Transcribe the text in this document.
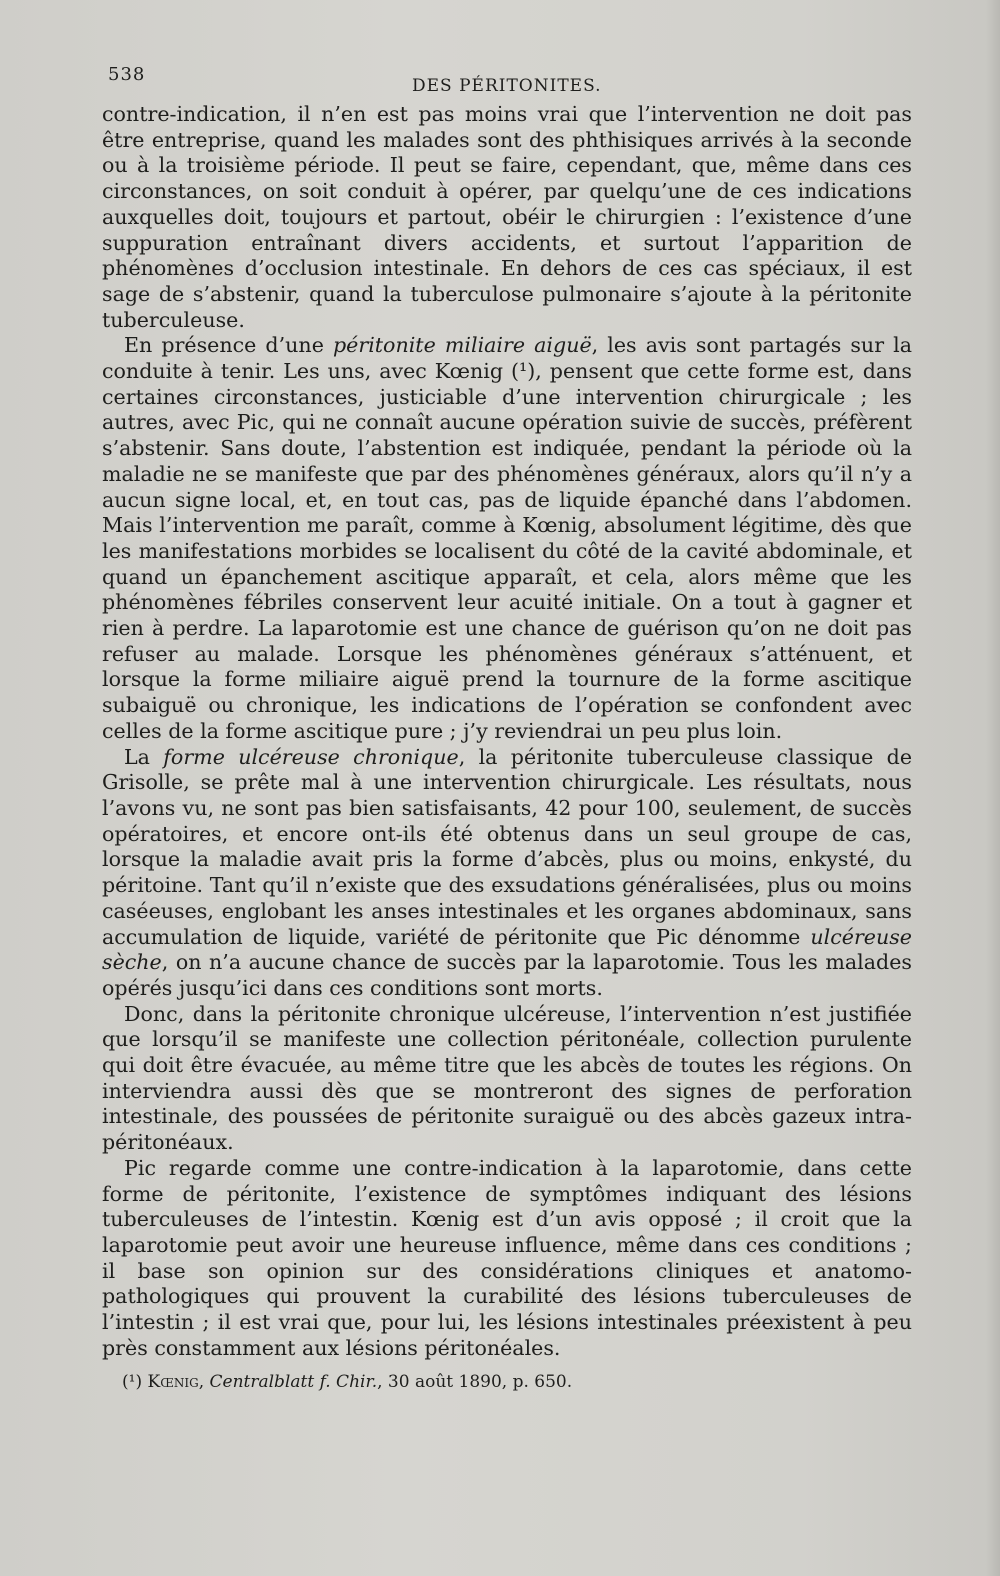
538
DES PÉRITONITES.

contre-indication, il n’en est pas moins vrai que l’intervention ne doit pas être entreprise, quand les malades sont des phthisiques arrivés à la seconde ou à la troisième période. Il peut se faire, cependant, que, même dans ces circonstances, on soit conduit à opérer, par quelqu’une de ces indications auxquelles doit, toujours et partout, obéir le chirurgien : l’existence d’une suppuration entraînant divers accidents, et surtout l’apparition de phénomènes d’occlusion intestinale. En dehors de ces cas spéciaux, il est sage de s’abstenir, quand la tuberculose pulmonaire s’ajoute à la péritonite tuberculeuse.

En présence d’une péritonite miliaire aiguë, les avis sont partagés sur la conduite à tenir. Les uns, avec Kœnig (¹), pensent que cette forme est, dans certaines circonstances, justiciable d’une intervention chirurgicale ; les autres, avec Pic, qui ne connaît aucune opération suivie de succès, préfèrent s’abstenir. Sans doute, l’abstention est indiquée, pendant la période où la maladie ne se manifeste que par des phénomènes généraux, alors qu’il n’y a aucun signe local, et, en tout cas, pas de liquide épanché dans l’abdomen. Mais l’intervention me paraît, comme à Kœnig, absolument légitime, dès que les manifestations morbides se localisent du côté de la cavité abdominale, et quand un épanchement ascitique apparaît, et cela, alors même que les phénomènes fébriles conservent leur acuité initiale. On a tout à gagner et rien à perdre. La laparotomie est une chance de guérison qu’on ne doit pas refuser au malade. Lorsque les phénomènes généraux s’atténuent, et lorsque la forme miliaire aiguë prend la tournure de la forme ascitique subaiguë ou chronique, les indications de l’opération se confondent avec celles de la forme ascitique pure ; j’y reviendrai un peu plus loin.

La forme ulcéreuse chronique, la péritonite tuberculeuse classique de Grisolle, se prête mal à une intervention chirurgicale. Les résultats, nous l’avons vu, ne sont pas bien satisfaisants, 42 pour 100, seulement, de succès opératoires, et encore ont-ils été obtenus dans un seul groupe de cas, lorsque la maladie avait pris la forme d’abcès, plus ou moins, enkysté, du péritoine. Tant qu’il n’existe que des exsudations généralisées, plus ou moins caséeuses, englobant les anses intestinales et les organes abdominaux, sans accumulation de liquide, variété de péritonite que Pic dénomme ulcéreuse sèche, on n’a aucune chance de succès par la laparotomie. Tous les malades opérés jusqu’ici dans ces conditions sont morts.

Donc, dans la péritonite chronique ulcéreuse, l’intervention n’est justifiée que lorsqu’il se manifeste une collection péritonéale, collection purulente qui doit être évacuée, au même titre que les abcès de toutes les régions. On interviendra aussi dès que se montreront des signes de perforation intestinale, des poussées de péritonite suraiguë ou des abcès gazeux intra-péritonéaux.

Pic regarde comme une contre-indication à la laparotomie, dans cette forme de péritonite, l’existence de symptômes indiquant des lésions tuberculeuses de l’intestin. Kœnig est d’un avis opposé ; il croit que la laparotomie peut avoir une heureuse influence, même dans ces conditions ; il base son opinion sur des considérations cliniques et anatomo-pathologiques qui prouvent la curabilité des lésions tuberculeuses de l’intestin ; il est vrai que, pour lui, les lésions intestinales préexistent à peu près constamment aux lésions péritonéales.

(¹) Kœnig, Centralblatt f. Chir., 30 août 1890, p. 650.
